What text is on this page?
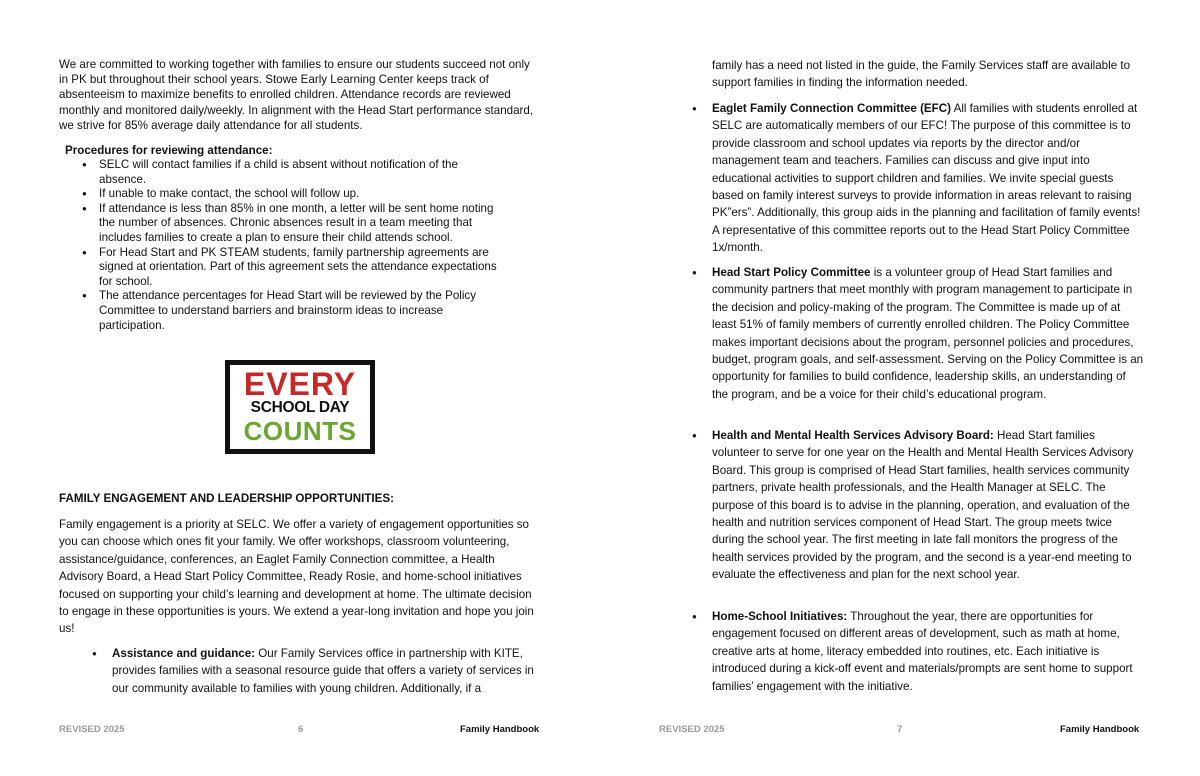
We are committed to working together with families to ensure our students succeed not only in PK but throughout their school years. Stowe Early Learning Center keeps track of absenteeism to maximize benefits to enrolled children. Attendance records are reviewed monthly and monitored daily/weekly. In alignment with the Head Start performance standard, we strive for 85% average daily attendance for all students.

Procedures for reviewing attendance:
● SELC will contact families if a child is absent without notification of the absence.
● If unable to make contact, the school will follow up.
● If attendance is less than 85% in one month, a letter will be sent home noting the number of absences. Chronic absences result in a team meeting that includes families to create a plan to ensure their child attends school.
● For Head Start and PK STEAM students, family partnership agreements are signed at orientation. Part of this agreement sets the attendance expectations for school.
● The attendance percentages for Head Start will be reviewed by the Policy Committee to understand barriers and brainstorm ideas to increase participation.
EVERY
SCHOOL DAY
COUNTS
FAMILY ENGAGEMENT AND LEADERSHIP OPPORTUNITIES:

Family engagement is a priority at SELC. We offer a variety of engagement opportunities so you can choose which ones fit your family. We offer workshops, classroom volunteering, assistance/guidance, conferences, an Eaglet Family Connection committee, a Health Advisory Board, a Head Start Policy Committee, Ready Rosie, and home-school initiatives focused on supporting your child’s learning and development at home. The ultimate decision to engage in these opportunities is yours. We extend a year-long invitation and hope you join us!

● Assistance and guidance: Our Family Services office in partnership with KITE, provides families with a seasonal resource guide that offers a variety of services in our community available to families with young children. Additionally, if a

family has a need not listed in the guide, the Family Services staff are available to support families in finding the information needed.

● Eaglet Family Connection Committee (EFC) All families with students enrolled at SELC are automatically members of our EFC! The purpose of this committee is to provide classroom and school updates via reports by the director and/or management team and teachers. Families can discuss and give input into educational activities to support children and families. We invite special guests based on family interest surveys to provide information in areas relevant to raising PK”ers”. Additionally, this group aids in the planning and facilitation of family events! A representative of this committee reports out to the Head Start Policy Committee 1x/month.
● Head Start Policy Committee is a volunteer group of Head Start families and community partners that meet monthly with program management to participate in the decision and policy-making of the program. The Committee is made up of at least 51% of family members of currently enrolled children. The Policy Committee makes important decisions about the program, personnel policies and procedures, budget, program goals, and self-assessment. Serving on the Policy Committee is an opportunity for families to build confidence, leadership skills, an understanding of the program, and be a voice for their child’s educational program.
● Health and Mental Health Services Advisory Board: Head Start families volunteer to serve for one year on the Health and Mental Health Services Advisory Board. This group is comprised of Head Start families, health services community partners, private health professionals, and the Health Manager at SELC. The purpose of this board is to advise in the planning, operation, and evaluation of the health and nutrition services component of Head Start. The group meets twice during the school year. The first meeting in late fall monitors the progress of the health services provided by the program, and the second is a year-end meeting to evaluate the effectiveness and plan for the next school year.
● Home-School Initiatives: Throughout the year, there are opportunities for engagement focused on different areas of development, such as math at home, creative arts at home, literacy embedded into routines, etc. Each initiative is introduced during a kick-off event and materials/prompts are sent home to support families’ engagement with the initiative.
REVISED 2025	6	Family Handbook	REVISED 2025	7	Family Handbook
